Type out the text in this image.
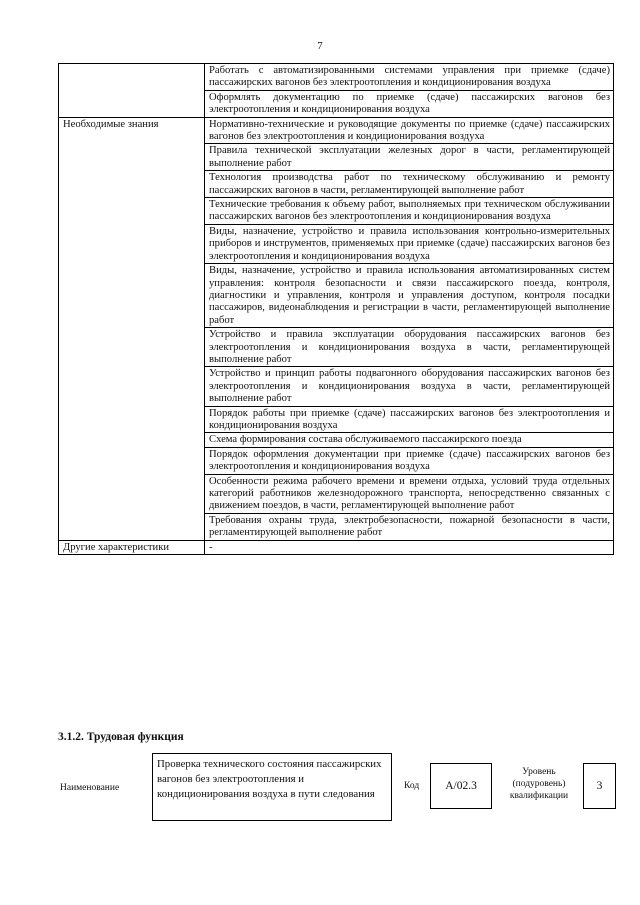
7
	Работать с автоматизированными системами управления при приемке (сдаче) пассажирских вагонов без электроотопления и кондиционирования воздуха
	Оформлять документацию по приемке (сдаче) пассажирских вагонов без электроотопления и кондиционирования воздуха
Необходимые знания	Нормативно-технические и руководящие документы по приемке (сдаче) пассажирских вагонов без электроотопления и кондиционирования воздуха
	Правила технической эксплуатации железных дорог в части, регламентирующей выполнение работ
	Технология производства работ по техническому обслуживанию и ремонту пассажирских вагонов в части, регламентирующей выполнение работ
	Технические требования к объему работ, выполняемых при техническом обслуживании пассажирских вагонов без электроотопления и кондиционирования воздуха
	Виды, назначение, устройство и правила использования контрольно-измерительных приборов и инструментов, применяемых при приемке (сдаче) пассажирских вагонов без электроотопления и кондиционирования воздуха
	Виды, назначение, устройство и правила использования автоматизированных систем управления: контроля безопасности и связи пассажирского поезда, контроля, диагностики и управления, контроля и управления доступом, контроля посадки пассажиров, видеонаблюдения и регистрации в части, регламентирующей выполнение работ
	Устройство и правила эксплуатации оборудования пассажирских вагонов без электроотопления и кондиционирования воздуха в части, регламентирующей выполнение работ
	Устройство и принцип работы подвагонного оборудования пассажирских вагонов без электроотопления и кондиционирования воздуха в части, регламентирующей выполнение работ
	Порядок работы при приемке (сдаче) пассажирских вагонов без электроотопления и кондиционирования воздуха
	Схема формирования состава обслуживаемого пассажирского поезда
	Порядок оформления документации при приемке (сдаче) пассажирских вагонов без электроотопления и кондиционирования воздуха
	Особенности режима рабочего времени и времени отдыха, условий труда отдельных категорий работников железнодорожного транспорта, непосредственно связанных с движением поездов, в части, регламентирующей выполнение работ
	Требования охраны труда, электробезопасности, пожарной безопасности в части, регламентирующей выполнение работ
Другие характеристики	-
3.1.2. Трудовая функция
Наименование
Проверка технического состояния пассажирских вагонов без электроотопления и кондиционирования воздуха в пути следования
Код	A/02.3
Уровень (подуровень) квалификации
3
